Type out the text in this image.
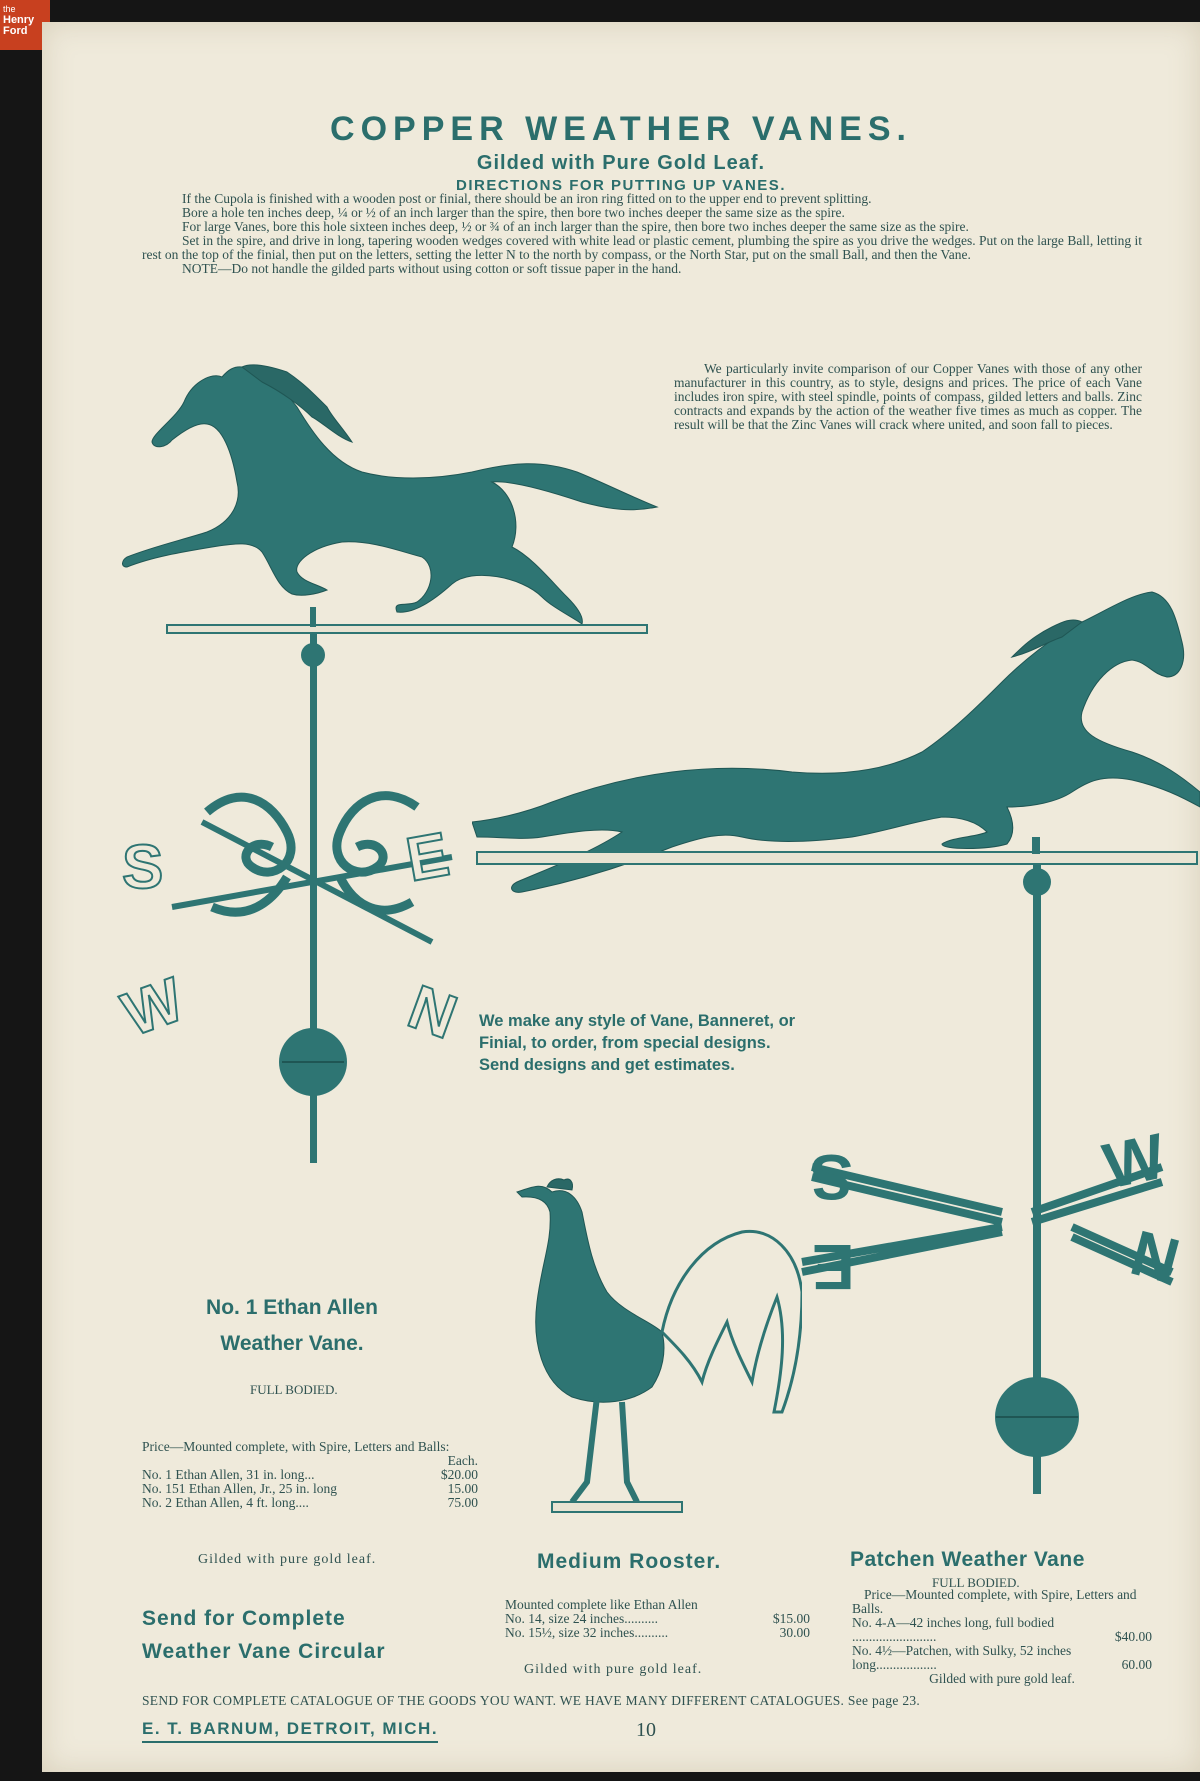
the
Henry
Ford
COPPER WEATHER VANES.
Gilded with Pure Gold Leaf.
DIRECTIONS FOR PUTTING UP VANES.

If the Cupola is finished with a wooden post or finial, there should be an iron ring fitted on to the upper end to prevent splitting.

Bore a hole ten inches deep, ¼ or ½ of an inch larger than the spire, then bore two inches deeper the same size as the spire.

For large Vanes, bore this hole sixteen inches deep, ½ or ¾ of an inch larger than the spire, then bore two inches deeper the same size as the spire.

Set in the spire, and drive in long, tapering wooden wedges covered with white lead or plastic cement, plumbing the spire as you drive the wedges. Put on the large Ball, letting it rest on the top of the finial, then put on the letters, setting the letter N to the north by compass, or the North Star, put on the small Ball, and then the Vane.

NOTE—Do not handle the gilded parts without using cotton or soft tissue paper in the hand.

We particularly invite comparison of our Copper Vanes with those of any other manufacturer in this country, as to style, designs and prices. The price of each Vane includes iron spire, with steel spindle, points of compass, gilded letters and balls. Zinc contracts and expands by the action of the weather five times as much as copper. The result will be that the Zinc Vanes will crack where united, and soon fall to pieces.

S	E
W	N
S
E
W
N
We make any style of Vane, Banneret, or Finial, to order, from special designs. Send designs and get estimates.
No. 1 Ethan Allen
Weather Vane.
FULL BODIED.
Price—Mounted complete, with Spire, Letters and Balls:
Each.
No. 1 Ethan Allen, 31 in. long...	$20.00
No. 151 Ethan Allen, Jr., 25 in. long	15.00
No. 2 Ethan Allen, 4 ft. long....	75.00
Gilded with pure gold leaf.	Medium Rooster.
Mounted complete like Ethan Allen
No. 14, size 24 inches..........	$15.00
No. 15½, size 32 inches..........	30.00
Gilded with pure gold leaf.
Patchen Weather Vane
FULL BODIED.
Price—Mounted complete, with Spire, Letters and Balls.
No. 4-A—42 inches long, full bodied .........................	$40.00
No. 4½—Patchen, with Sulky, 52 inches long..................	60.00
Gilded with pure gold leaf.
Send for Complete
Weather Vane Circular
SEND FOR COMPLETE CATALOGUE OF THE GOODS YOU WANT. WE HAVE MANY DIFFERENT CATALOGUES. See page 23.
E. T. BARNUM, DETROIT, MICH.	10
